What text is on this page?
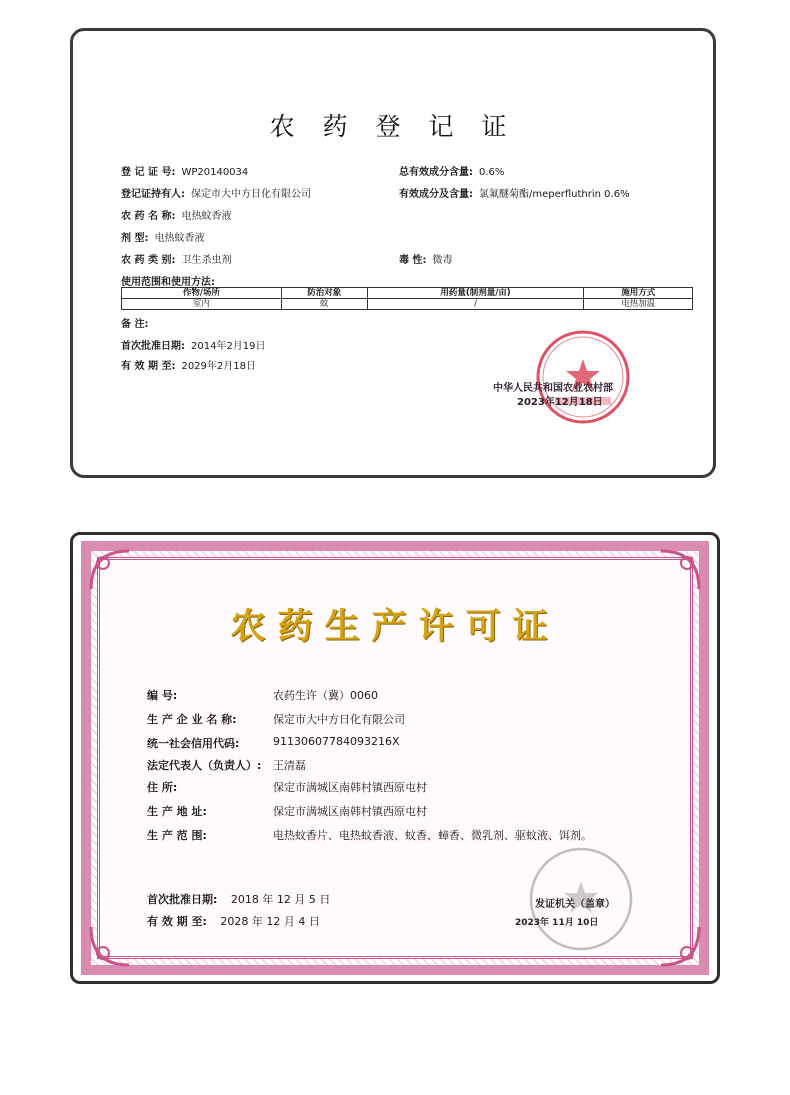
农 药 登 记 证
登 记 证 号: WP20140034
登记证持有人: 保定市大中方日化有限公司
农 药 名 称: 电热蚊香液
剂 型: 电热蚊香液
农 药 类 别: 卫生杀虫剂
总有效成分含量: 0.6%
有效成分及含量: 氯氟醚菊酯/meperfluthrin 0.6%
毒 性: 微毒
使用范围和使用方法:
作物/场所	防治对象	用药量(制剂量/亩)	施用方式
室内	蚊	/	电热加温
备 注:
首次批准日期: 2014年2月19日
有 效 期 至: 2029年2月18日
中华人民共和国农业农村部
2023年12月18日
农药生产许可证
编 号:	农药生许（冀）0060
生 产 企 业 名 称:	保定市大中方日化有限公司
统一社会信用代码:	91130607784093216X
法定代表人（负责人）: 王清磊
住 所:	保定市满城区南韩村镇西原屯村
生 产 地 址:	保定市满城区南韩村镇西原屯村
生 产 范 围:	电热蚊香片、电热蚊香液、蚊香、蟑香、微乳剂、驱蚊液、饵剂。
发证机关（盖章）
2023年 11月 10日
首次批准日期: 2018 年 12 月 5 日
有 效 期 至: 2028 年 12 月 4 日
